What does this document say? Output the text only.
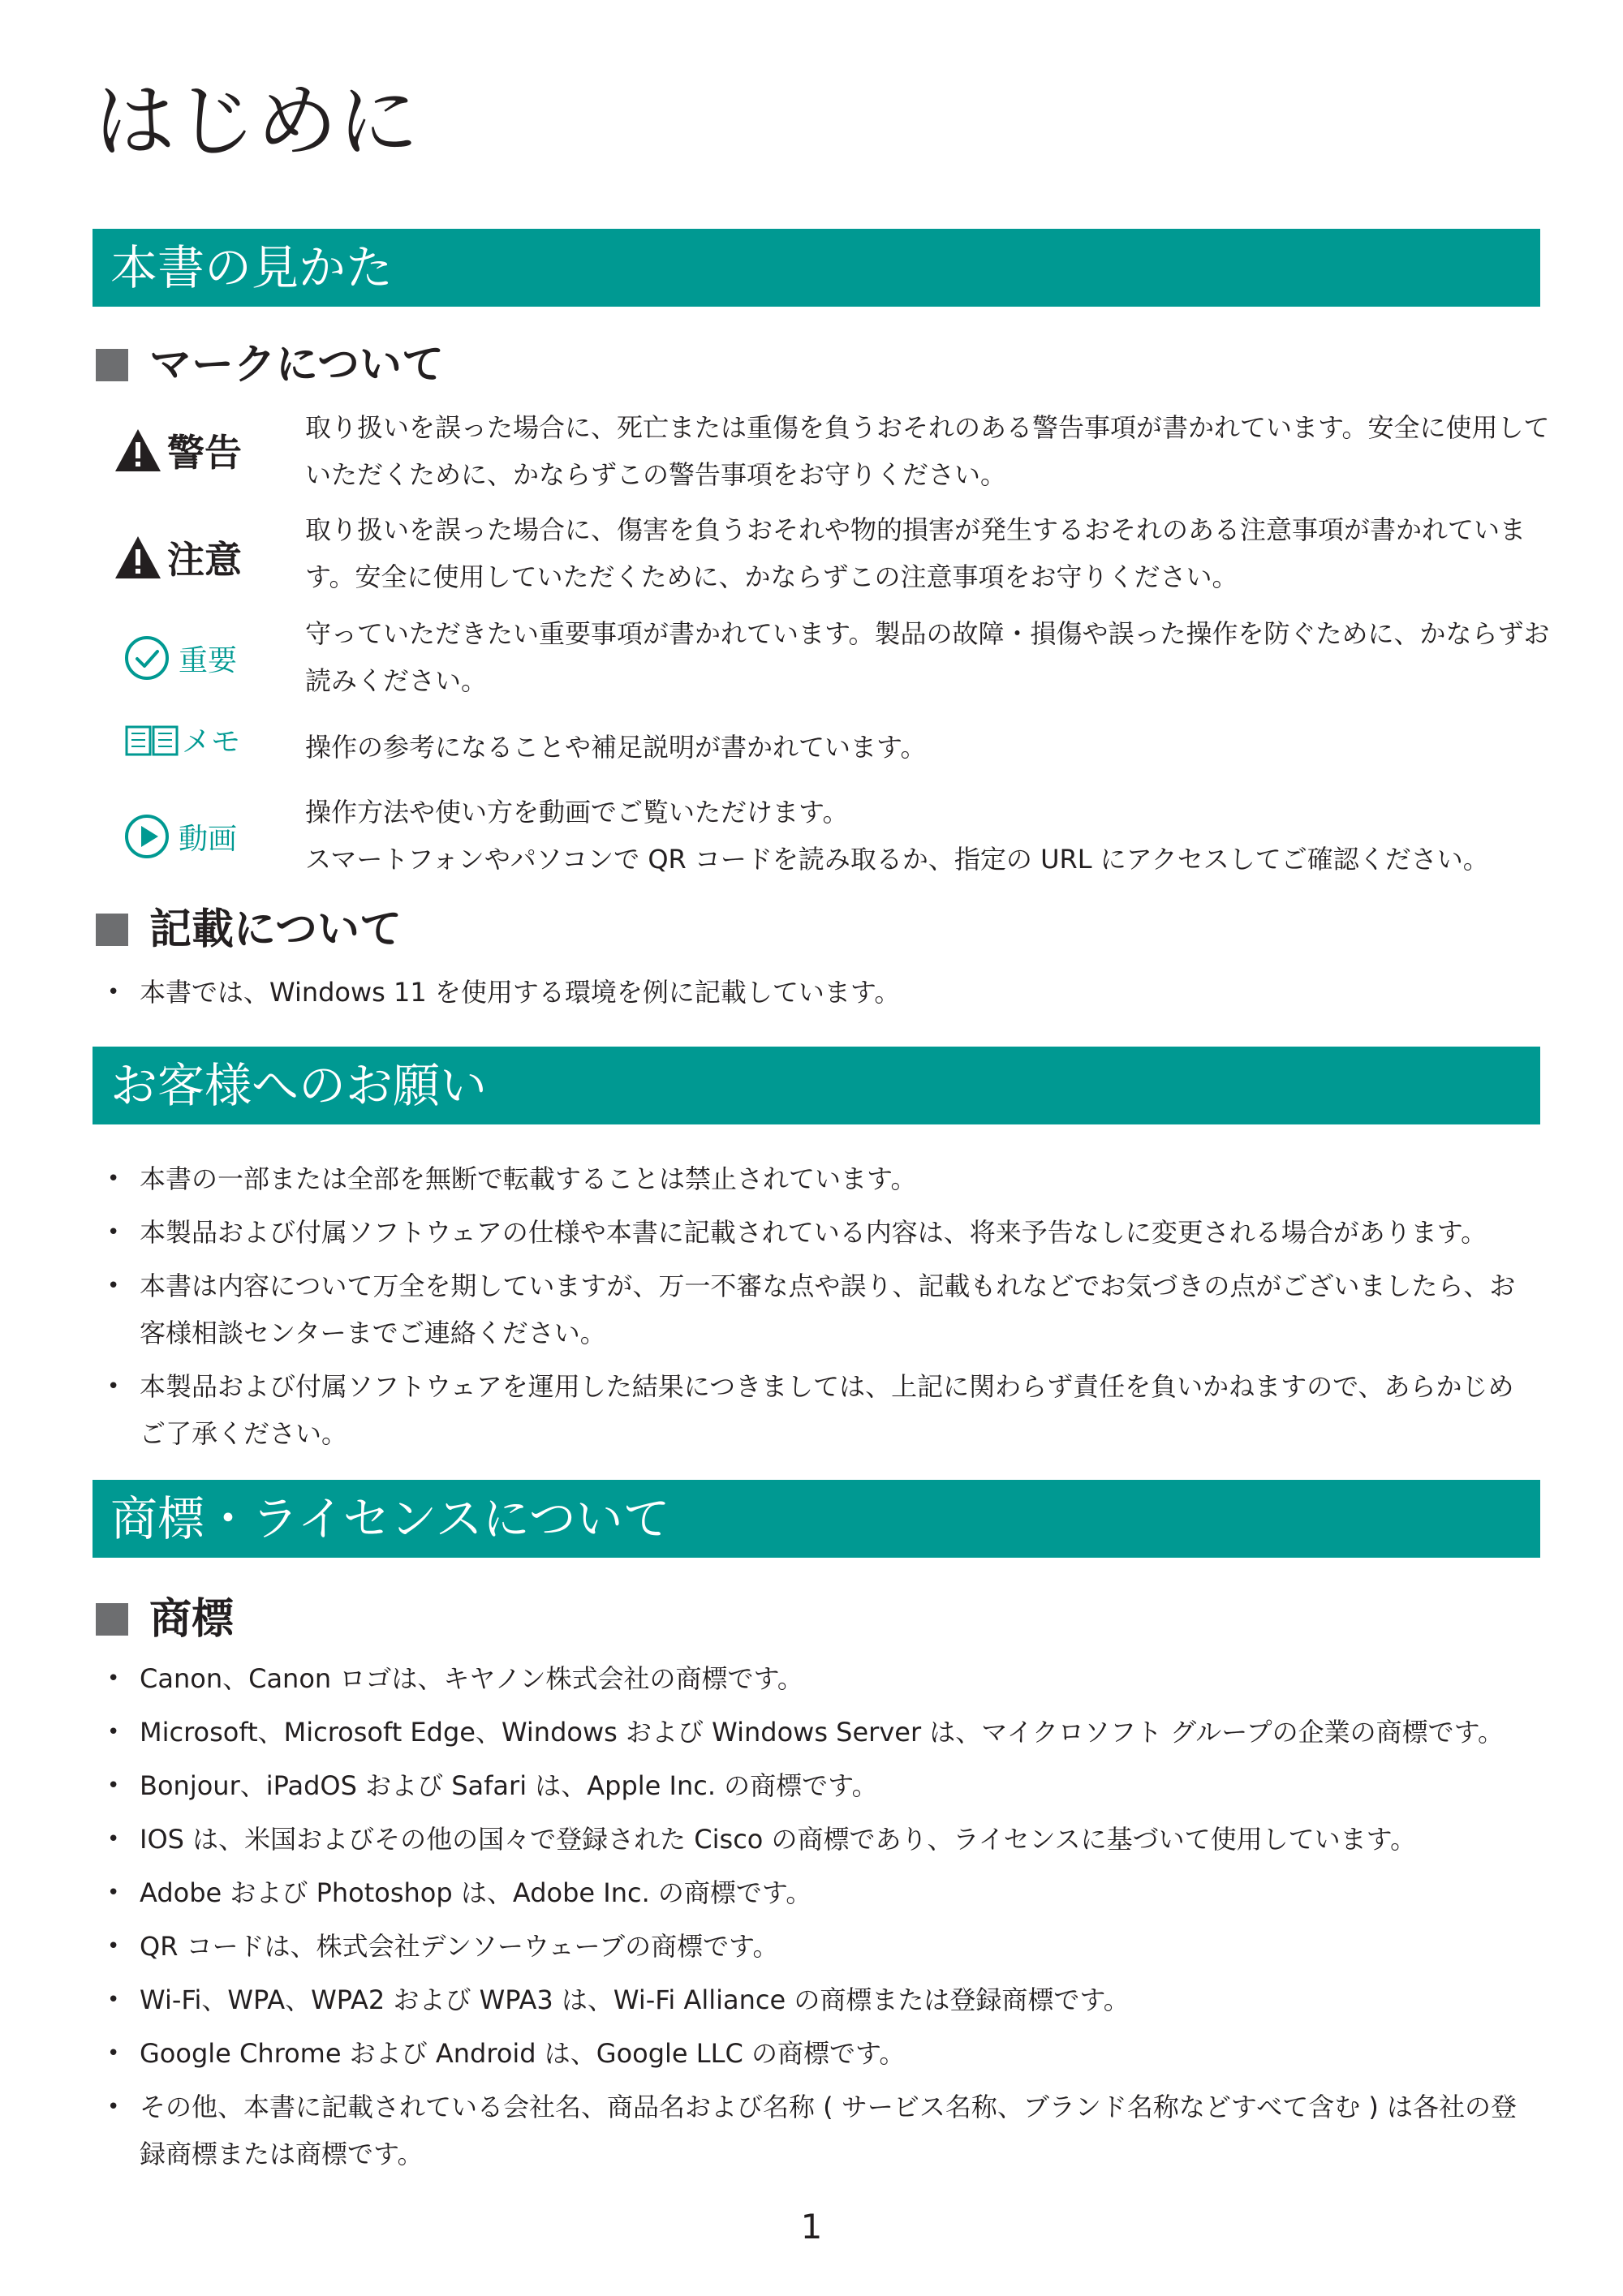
はじめに
本書の見かた
マークについて
警告
取り扱いを誤った場合に、死亡または重傷を負うおそれのある警告事項が書かれています。安全に使用していただくために、かならずこの警告事項をお守りください。
注意
取り扱いを誤った場合に、傷害を負うおそれや物的損害が発生するおそれのある注意事項が書かれています。安全に使用していただくために、かならずこの注意事項をお守りください。
重要
守っていただきたい重要事項が書かれています。製品の故障・損傷や誤った操作を防ぐために、かならずお読みください。
メモ 操作の参考になることや補足説明が書かれています。
動画
操作方法や使い方を動画でご覧いただけます。
スマートフォンやパソコンで QR コードを読み取るか、指定の URL にアクセスしてご確認ください。
記載について
• 本書では、Windows 11 を使用する環境を例に記載しています。
お客様へのお願い
• 本書の一部または全部を無断で転載することは禁止されています。
• 本製品および付属ソフトウェアの仕様や本書に記載されている内容は、将来予告なしに変更される場合があります。
• 本書は内容について万全を期していますが、万一不審な点や誤り、記載もれなどでお気づきの点がございましたら、お客様相談センターまでご連絡ください。
• 本製品および付属ソフトウェアを運用した結果につきましては、上記に関わらず責任を負いかねますので、あらかじめご了承ください。
商標・ライセンスについて
商標
• Canon、Canon ロゴは、キヤノン株式会社の商標です。
• Microsoft、Microsoft Edge、Windows および Windows Server は、マイクロソフト グループの企業の商標です。
• Bonjour、iPadOS および Safari は、Apple Inc. の商標です。
• IOS は、米国およびその他の国々で登録された Cisco の商標であり、ライセンスに基づいて使用しています。
• Adobe および Photoshop は、Adobe Inc. の商標です。
• QR コードは、株式会社デンソーウェーブの商標です。
• Wi-Fi、WPA、WPA2 および WPA3 は、Wi-Fi Alliance の商標または登録商標です。
• Google Chrome および Android は、Google LLC の商標です。
• その他、本書に記載されている会社名、商品名および名称 ( サービス名称、ブランド名称などすべて含む ) は各社の登録商標または商標です。
1
